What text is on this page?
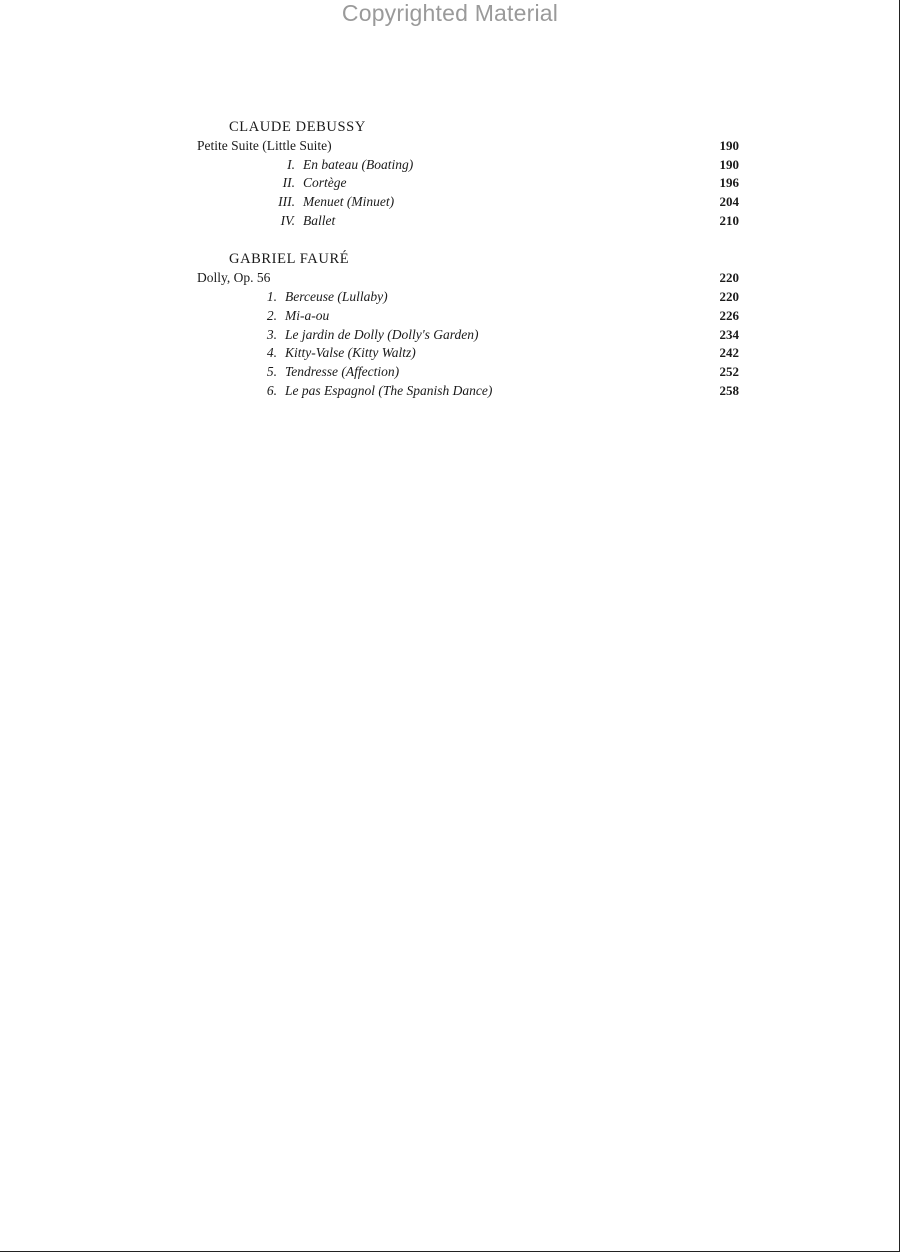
Copyrighted Material
CLAUDE DEBUSSY
Petite Suite (Little Suite)	190
I. En bateau (Boating)	190
II. Cortège	196
III. Menuet (Minuet)	204
IV. Ballet	210
GABRIEL FAURÉ
Dolly, Op. 56	220
1. Berceuse (Lullaby)	220
2. Mi-a-ou	226
3. Le jardin de Dolly (Dolly's Garden)	234
4. Kitty-Valse (Kitty Waltz)	242
5. Tendresse (Affection)	252
6. Le pas Espagnol (The Spanish Dance)	258
